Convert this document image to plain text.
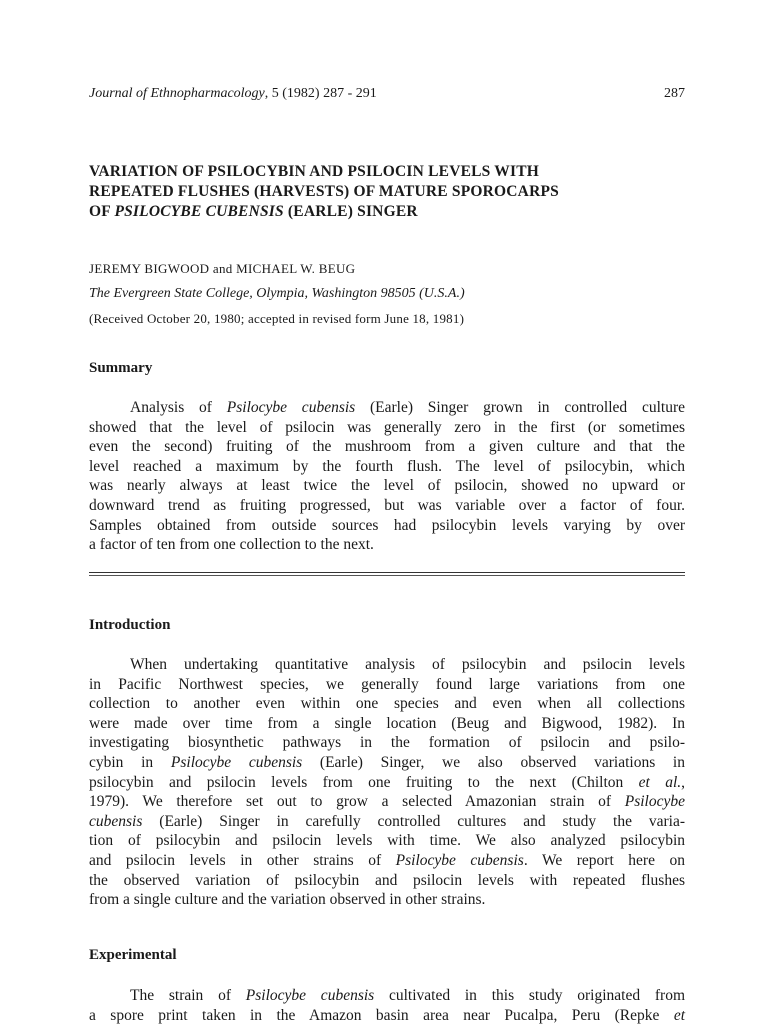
Journal of Ethnopharmacology, 5 (1982) 287 - 291	287
VARIATION OF PSILOCYBIN AND PSILOCIN LEVELS WITH
REPEATED FLUSHES (HARVESTS) OF MATURE SPOROCARPS
OF PSILOCYBE CUBENSIS (EARLE) SINGER
JEREMY BIGWOOD and MICHAEL W. BEUG
The Evergreen State College, Olympia, Washington 98505 (U.S.A.)
(Received October 20, 1980; accepted in revised form June 18, 1981)
Summary
Analysis of Psilocybe cubensis (Earle) Singer grown in controlled culture
showed that the level of psilocin was generally zero in the first (or sometimes
even the second) fruiting of the mushroom from a given culture and that the
level reached a maximum by the fourth flush. The level of psilocybin, which
was nearly always at least twice the level of psilocin, showed no upward or
downward trend as fruiting progressed, but was variable over a factor of four.
Samples obtained from outside sources had psilocybin levels varying by over
a factor of ten from one collection to the next.
Introduction
When undertaking quantitative analysis of psilocybin and psilocin levels
in Pacific Northwest species, we generally found large variations from one
collection to another even within one species and even when all collections
were made over time from a single location (Beug and Bigwood, 1982). In
investigating biosynthetic pathways in the formation of psilocin and psilo-
cybin in Psilocybe cubensis (Earle) Singer, we also observed variations in
psilocybin and psilocin levels from one fruiting to the next (Chilton et al.,
1979). We therefore set out to grow a selected Amazonian strain of Psilocybe
cubensis (Earle) Singer in carefully controlled cultures and study the varia-
tion of psilocybin and psilocin levels with time. We also analyzed psilocybin
and psilocin levels in other strains of Psilocybe cubensis. We report here on
the observed variation of psilocybin and psilocin levels with repeated flushes
from a single culture and the variation observed in other strains.
Experimental
The strain of Psilocybe cubensis cultivated in this study originated from
a spore print taken in the Amazon basin area near Pucalpa, Peru (Repke et
